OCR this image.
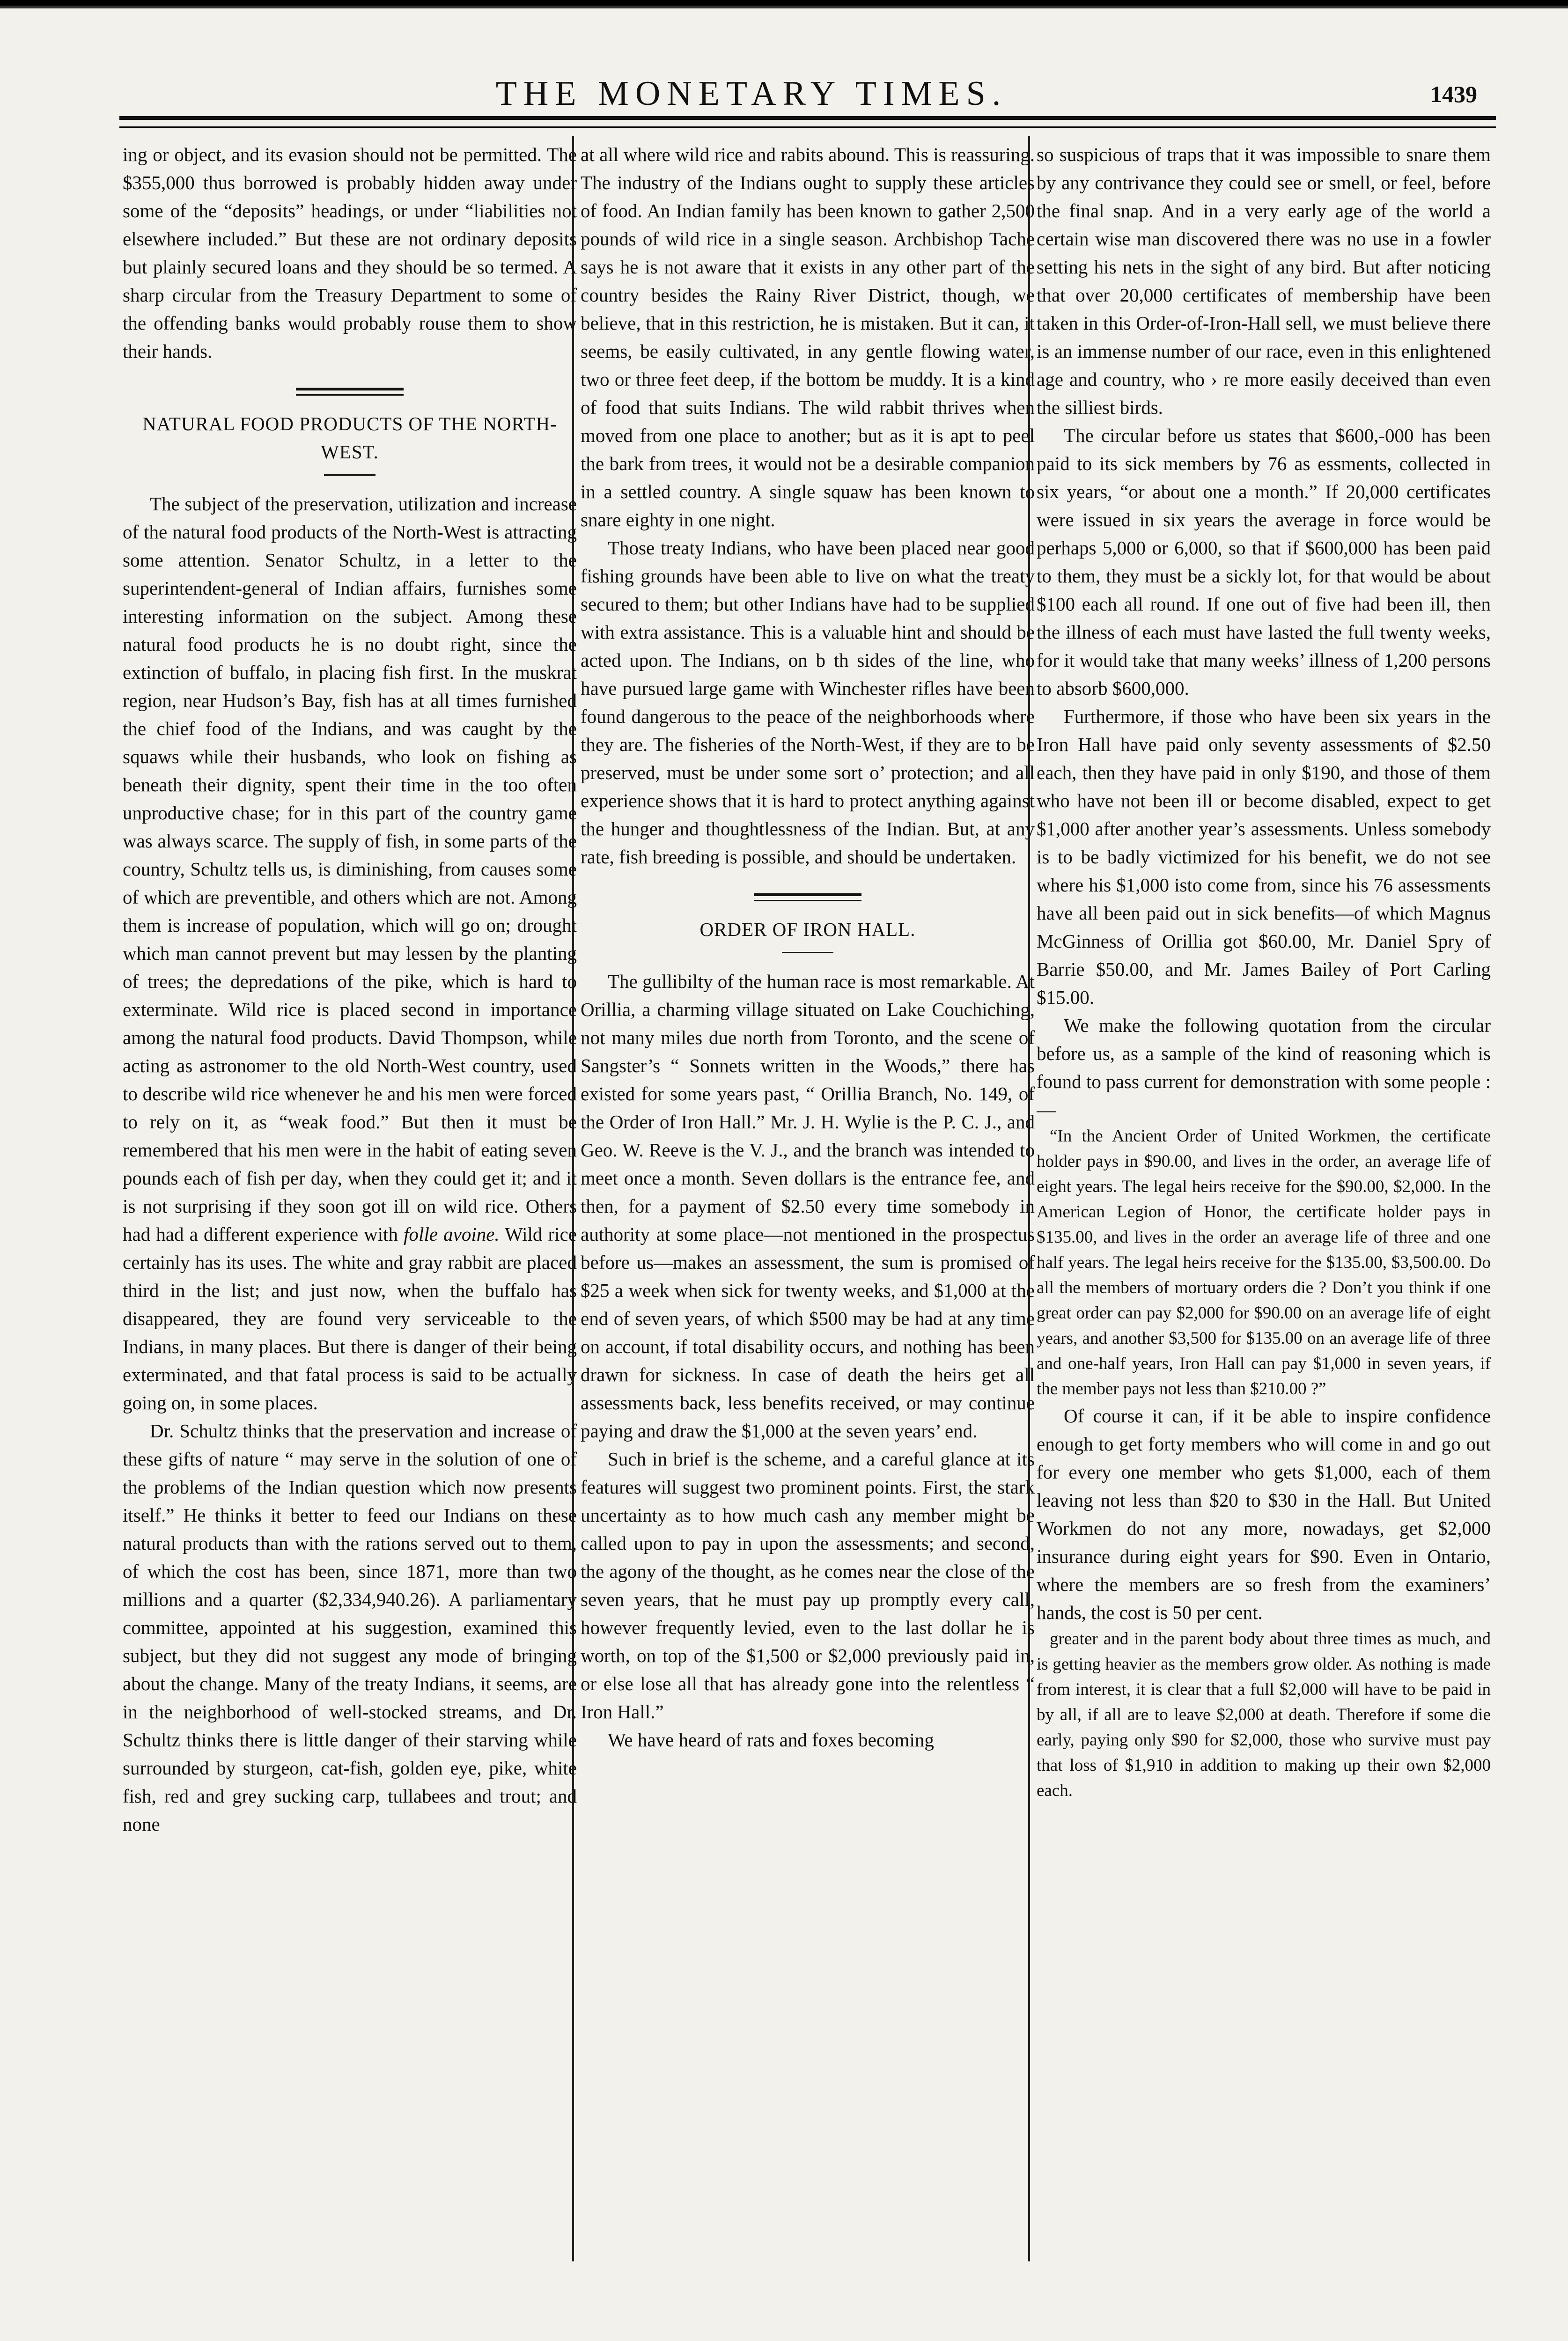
THE MONETARY TIMES.	1439

ing or object, and its evasion should not be permitted. The $355,000 thus borrowed is probably hidden away under some of the “deposits” headings, or under “liabilities not elsewhere included.” But these are not ordinary deposits but plainly secured loans and they should be so termed. A sharp circular from the Treasury Department to some of the offending banks would probably rouse them to show their hands.

NATURAL FOOD PRODUCTS OF THE NORTH-WEST.

The subject of the preservation, utilization and increase of the natural food products of the North-West is attracting some attention. Senator Schultz, in a letter to the superintendent-general of Indian affairs, furnishes some interesting information on the subject. Among these natural food products he is no doubt right, since the extinction of buffalo, in placing fish first. In the muskrat region, near Hudson’s Bay, fish has at all times furnished the chief food of the Indians, and was caught by the squaws while their husbands, who look on fishing as beneath their dignity, spent their time in the too often unproductive chase; for in this part of the country game was always scarce. The supply of fish, in some parts of the country, Schultz tells us, is diminishing, from causes some of which are preventible, and others which are not. Among them is increase of population, which will go on; drought which man cannot prevent but may lessen by the planting of trees; the depredations of the pike, which is hard to exterminate. Wild rice is placed second in importance among the natural food products. David Thompson, while acting as astronomer to the old North-West country, used to describe wild rice whenever he and his men were forced to rely on it, as “weak food.” But then it must be remembered that his men were in the habit of eating seven pounds each of fish per day, when they could get it; and it is not surprising if they soon got ill on wild rice. Others had had a different experience with folle avoine. Wild rice certainly has its uses. The white and gray rabbit are placed third in the list; and just now, when the buffalo has disappeared, they are found very serviceable to the Indians, in many places. But there is danger of their being exterminated, and that fatal process is said to be actually going on, in some places.

Dr. Schultz thinks that the preservation and increase of these gifts of nature “ may serve in the solution of one of the problems of the Indian question which now presents itself.” He thinks it better to feed our Indians on these natural products than with the rations served out to them, of which the cost has been, since 1871, more than two millions and a quarter ($2,334,940.26). A parliamentary committee, appointed at his suggestion, examined this subject, but they did not suggest any mode of bringing about the change. Many of the treaty Indians, it seems, are in the neighborhood of well-stocked streams, and Dr. Schultz thinks there is little danger of their starving while surrounded by sturgeon, cat-fish, golden eye, pike, white fish, red and grey sucking carp, tullabees and trout; and none

at all where wild rice and rabits abound. This is reassuring. The industry of the Indians ought to supply these articles of food. An Indian family has been known to gather 2,500 pounds of wild rice in a single season. Archbishop Tache says he is not aware that it exists in any other part of the country besides the Rainy River District, though, we believe, that in this restriction, he is mistaken. But it can, it seems, be easily cultivated, in any gentle flowing water, two or three feet deep, if the bottom be muddy. It is a kind of food that suits Indians. The wild rabbit thrives when moved from one place to another; but as it is apt to peel the bark from trees, it would not be a desirable companion in a settled country. A single squaw has been known to snare eighty in one night.

Those treaty Indians, who have been placed near good fishing grounds have been able to live on what the treaty secured to them; but other Indians have had to be supplied with extra assistance. This is a valuable hint and should be acted upon. The Indians, on b th sides of the line, who have pursued large game with Winchester rifles have been found dangerous to the peace of the neighborhoods where they are. The fisheries of the North-West, if they are to be preserved, must be under some sort o’ protection; and all experience shows that it is hard to protect anything against the hunger and thoughtlessness of the Indian. But, at any rate, fish breeding is possible, and should be undertaken.

ORDER OF IRON HALL.

The gullibilty of the human race is most remarkable. At Orillia, a charming village situated on Lake Couchiching, not many miles due north from Toronto, and the scene of Sangster’s “ Sonnets written in the Woods,” there has existed for some years past, “ Orillia Branch, No. 149, of the Order of Iron Hall.” Mr. J. H. Wylie is the P. C. J., and Geo. W. Reeve is the V. J., and the branch was intended to meet once a month. Seven dollars is the entrance fee, and then, for a payment of $2.50 every time somebody in authority at some place—not mentioned in the prospectus before us—makes an assessment, the sum is promised of $25 a week when sick for twenty weeks, and $1,000 at the end of seven years, of which $500 may be had at any time on account, if total disability occurs, and nothing has been drawn for sickness. In case of death the heirs get all assessments back, less benefits received, or may continue paying and draw the $1,000 at the seven years’ end.

Such in brief is the scheme, and a careful glance at its features will suggest two prominent points. First, the stark uncertainty as to how much cash any member might be called upon to pay in upon the assessments; and second, the agony of the thought, as he comes near the close of the seven years, that he must pay up promptly every call, however frequently levied, even to the last dollar he is worth, on top of the $1,500 or $2,000 previously paid in, or else lose all that has already gone into the relentless “ Iron Hall.”

We have heard of rats and foxes becoming

so suspicious of traps that it was impossible to snare them by any contrivance they could see or smell, or feel, before the final snap. And in a very early age of the world a certain wise man discovered there was no use in a fowler setting his nets in the sight of any bird. But after noticing that over 20,000 certificates of membership have been taken in this Order-of-Iron-Hall sell, we must believe there is an immense number of our race, even in this enlightened age and country, who › re more easily deceived than even the silliest birds.

The circular before us states that $600,-000 has been paid to its sick members by 76 as essments, collected in six years, “or about one a month.” If 20,000 certificates were issued in six years the average in force would be perhaps 5,000 or 6,000, so that if $600,000 has been paid to them, they must be a sickly lot, for that would be about $100 each all round. If one out of five had been ill, then the illness of each must have lasted the full twenty weeks, for it would take that many weeks’ illness of 1,200 persons to absorb $600,000.

Furthermore, if those who have been six years in the Iron Hall have paid only seventy assessments of $2.50 each, then they have paid in only $190, and those of them who have not been ill or become disabled, expect to get $1,000 after another year’s assessments. Unless somebody is to be badly victimized for his benefit, we do not see where his $1,000 isto come from, since his 76 assessments have all been paid out in sick benefits—of which Magnus McGinness of Orillia got $60.00, Mr. Daniel Spry of Barrie $50.00, and Mr. James Bailey of Port Carling $15.00.

We make the following quotation from the circular before us, as a sample of the kind of reasoning which is found to pass current for demonstration with some people :—

“In the Ancient Order of United Workmen, the certificate holder pays in $90.00, and lives in the order, an average life of eight years. The legal heirs receive for the $90.00, $2,000. In the American Legion of Honor, the certificate holder pays in $135.00, and lives in the order an average life of three and one half years. The legal heirs receive for the $135.00, $3,500.00. Do all the members of mortuary orders die ? Don’t you think if one great order can pay $2,000 for $90.00 on an average life of eight years, and another $3,500 for $135.00 on an average life of three and one-half years, Iron Hall can pay $1,000 in seven years, if the member pays not less than $210.00 ?”

Of course it can, if it be able to inspire confidence enough to get forty members who will come in and go out for every one member who gets $1,000, each of them leaving not less than $20 to $30 in the Hall. But United Workmen do not any more, nowadays, get $2,000 insurance during eight years for $90. Even in Ontario, where the members are so fresh from the examiners’ hands, the cost is 50 per cent.

greater and in the parent body about three times as much, and is getting heavier as the members grow older. As nothing is made from interest, it is clear that a full $2,000 will have to be paid in by all, if all are to leave $2,000 at death. Therefore if some die early, paying only $90 for $2,000, those who survive must pay that loss of $1,910 in addition to making up their own $2,000 each.
